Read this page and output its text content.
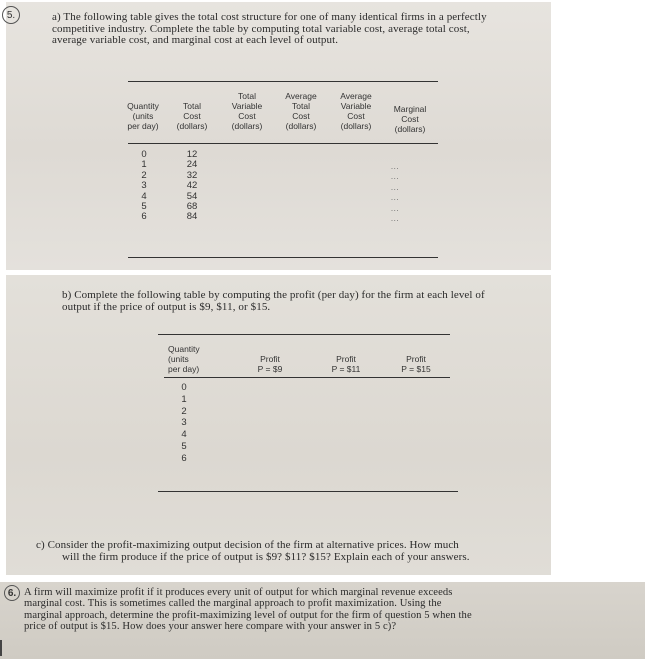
5.	a) The following table gives the total cost structure for one of many identical firms in a perfectly
competitive industry. Complete the table by computing total variable cost, average total cost,
average variable cost, and marginal cost at each level of output.
Quantity
(units
per day)
Total
Cost
(dollars)
Total
Variable
Cost
(dollars)
Average
Total
Cost
(dollars)
Average
Variable
Cost
(dollars)
Marginal
Cost
(dollars)
0
1
2
3
4
5
6
12
24
32
42
54
68
84
...
...
...
...
...
...
b) Complete the following table by computing the profit (per day) for the firm at each level of
output if the price of output is $9, $11, or $15.
Quantity
(units
per day)
Profit
P = $9
Profit
P = $11
Profit
P = $15
0
1
2
3
4
5
6
c) Consider the profit-maximizing output decision of the firm at alternative prices. How much
will the firm produce if the price of output is $9? $11? $15? Explain each of your answers.
6. A firm will maximize profit if it produces every unit of output for which marginal revenue exceeds
marginal cost. This is sometimes called the marginal approach to profit maximization. Using the
marginal approach, determine the profit-maximizing level of output for the firm of question 5 when the
price of output is $15. How does your answer here compare with your answer in 5 c)?
